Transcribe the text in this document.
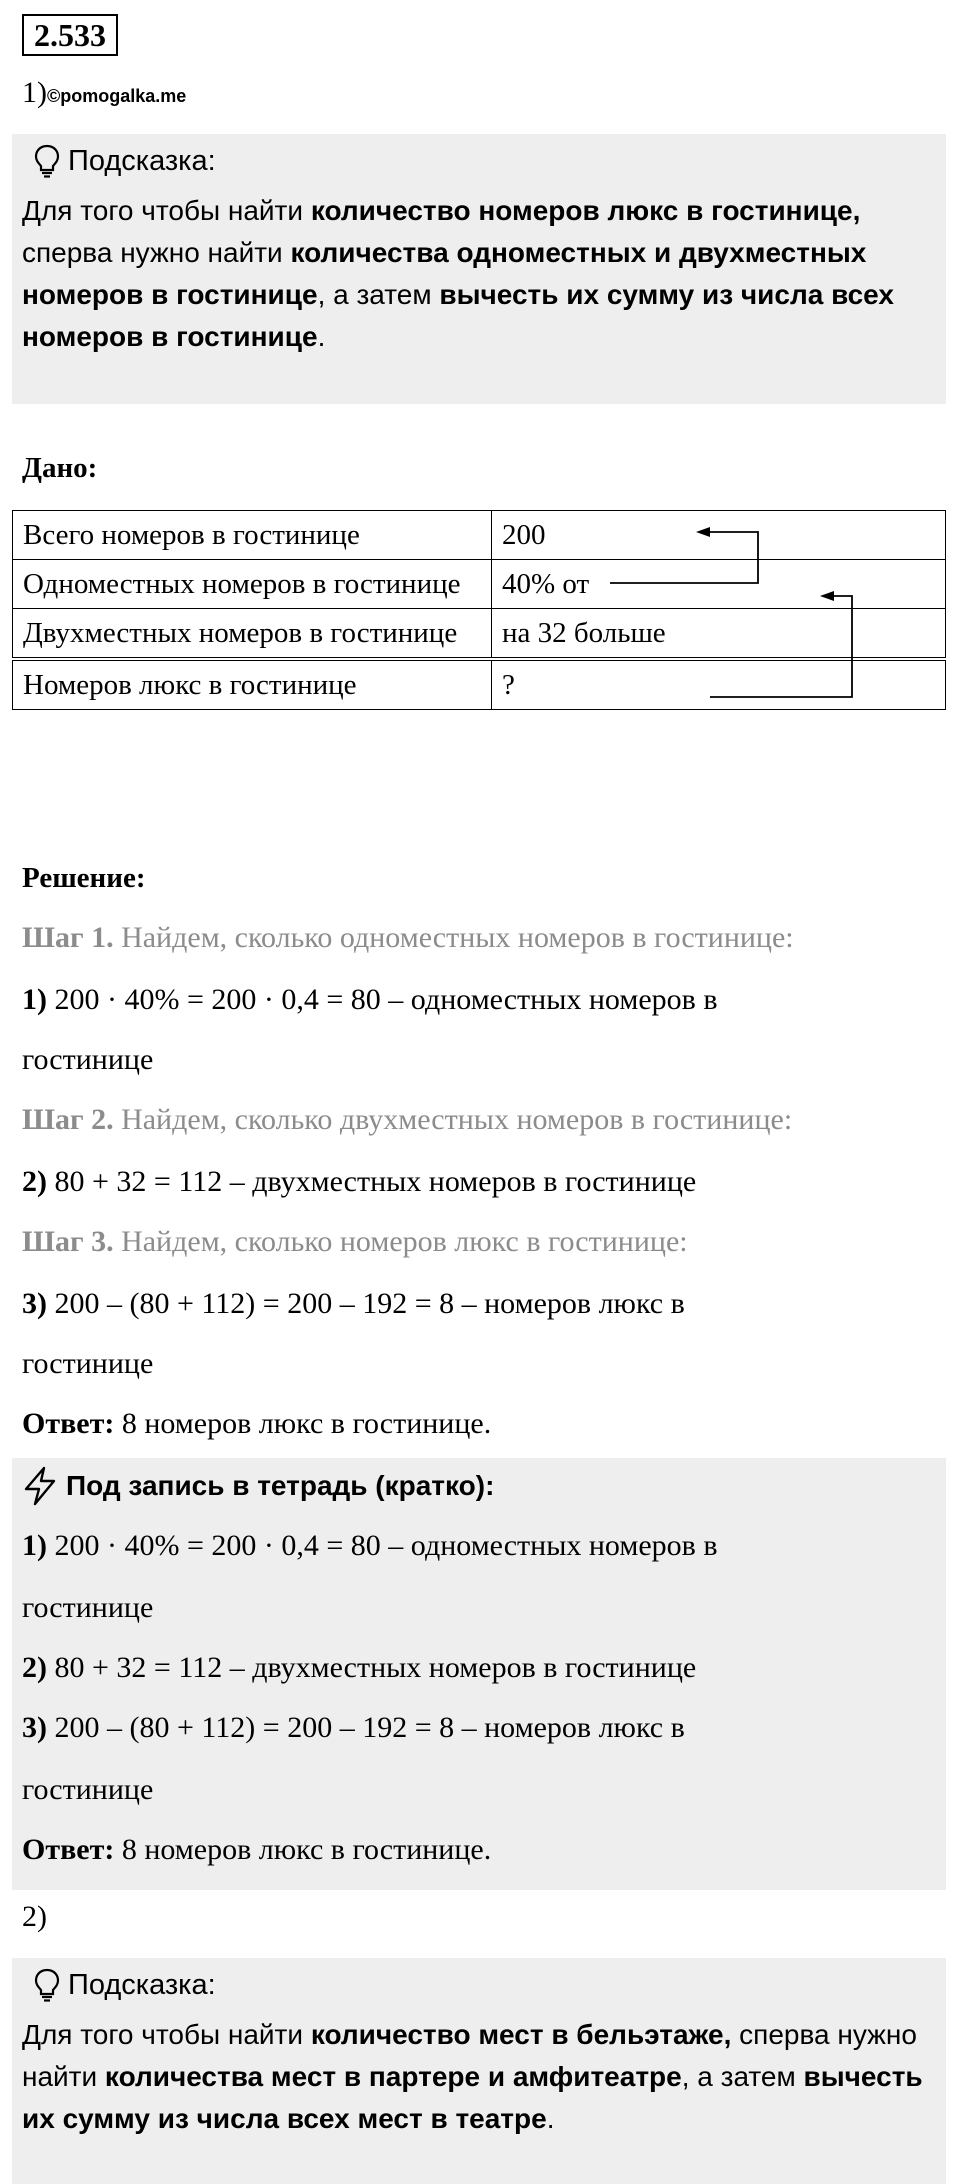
2.533
1)©pomogalka.me
Подсказка:
Для того чтобы найти количество номеров люкс в гостинице, сперва нужно найти количества одноместных и двухместных номеров в гостинице, а затем вычесть их сумму из числа всех номеров в гостинице.
Дано:
Всего номеров в гостинице	200
Одноместных номеров в гостинице	40% от
Двухместных номеров в гостинице	на 32 больше
Номеров люкс в гостинице	?
Решение:
Шаг 1. Найдем, сколько одноместных номеров в гостинице:
1) 200 · 40% = 200 · 0,4 = 80 – одноместных номеров в
гостинице
Шаг 2. Найдем, сколько двухместных номеров в гостинице:
2) 80 + 32 = 112 – двухместных номеров в гостинице
Шаг 3. Найдем, сколько номеров люкс в гостинице:
3) 200 – (80 + 112) = 200 – 192 = 8 – номеров люкс в
гостинице
Ответ: 8 номеров люкс в гостинице.
Под запись в тетрадь (кратко):
1) 200 · 40% = 200 · 0,4 = 80 – одноместных номеров в
гостинице
2) 80 + 32 = 112 – двухместных номеров в гостинице
3) 200 – (80 + 112) = 200 – 192 = 8 – номеров люкс в
гостинице
Ответ: 8 номеров люкс в гостинице.
2)
Подсказка:
Для того чтобы найти количество мест в бельэтаже, сперва нужно найти количества мест в партере и амфитеатре, а затем вычесть их сумму из числа всех мест в театре.
